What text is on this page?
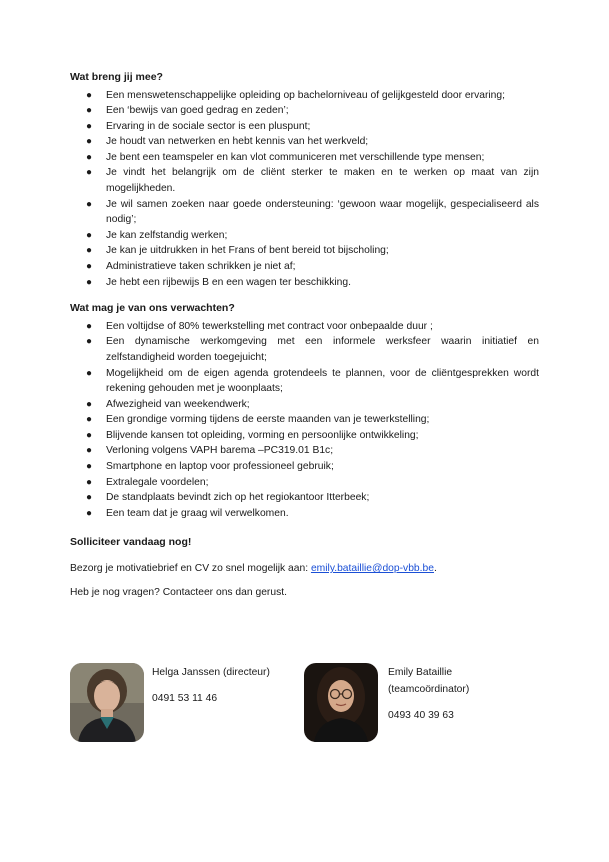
Wat breng jij mee?
● Een menswetenschappelijke opleiding op bachelorniveau of gelijkgesteld door ervaring;
● Een ‘bewijs van goed gedrag en zeden’;
● Ervaring in de sociale sector is een pluspunt;
● Je houdt van netwerken en hebt kennis van het werkveld;
● Je bent een teamspeler en kan vlot communiceren met verschillende type mensen;
● Je vindt het belangrijk om de cliënt sterker te maken en te werken op maat van zijn mogelijkheden.
● Je wil samen zoeken naar goede ondersteuning: ‘gewoon waar mogelijk, gespecialiseerd als nodig’;
● Je kan zelfstandig werken;
● Je kan je uitdrukken in het Frans of bent bereid tot bijscholing;
● Administratieve taken schrikken je niet af;
● Je hebt een rijbewijs B en een wagen ter beschikking.
Wat mag je van ons verwachten?
● Een voltijdse of 80% tewerkstelling met contract voor onbepaalde duur ;
● Een dynamische werkomgeving met een informele werksfeer waarin initiatief en zelfstandigheid worden toegejuicht;
● Mogelijkheid om de eigen agenda grotendeels te plannen, voor de cliëntgesprekken wordt rekening gehouden met je woonplaats;
● Afwezigheid van weekendwerk;
● Een grondige vorming tijdens de eerste maanden van je tewerkstelling;
● Blijvende kansen tot opleiding, vorming en persoonlijke ontwikkeling;
● Verloning volgens VAPH barema –PC319.01 B1c;
● Smartphone en laptop voor professioneel gebruik;
● Extralegale voordelen;
● De standplaats bevindt zich op het regiokantoor Itterbeek;
● Een team dat je graag wil verwelkomen.
Solliciteer vandaag nog!

Bezorg je motivatiebrief en CV zo snel mogelijk aan: emily.bataillie@dop-vbb.be.

Heb je nog vragen? Contacteer ons dan gerust.

Helga Janssen (directeur)
0491 53 11 46
Emily Bataillie
(teamcoördinator)
0493 40 39 63
